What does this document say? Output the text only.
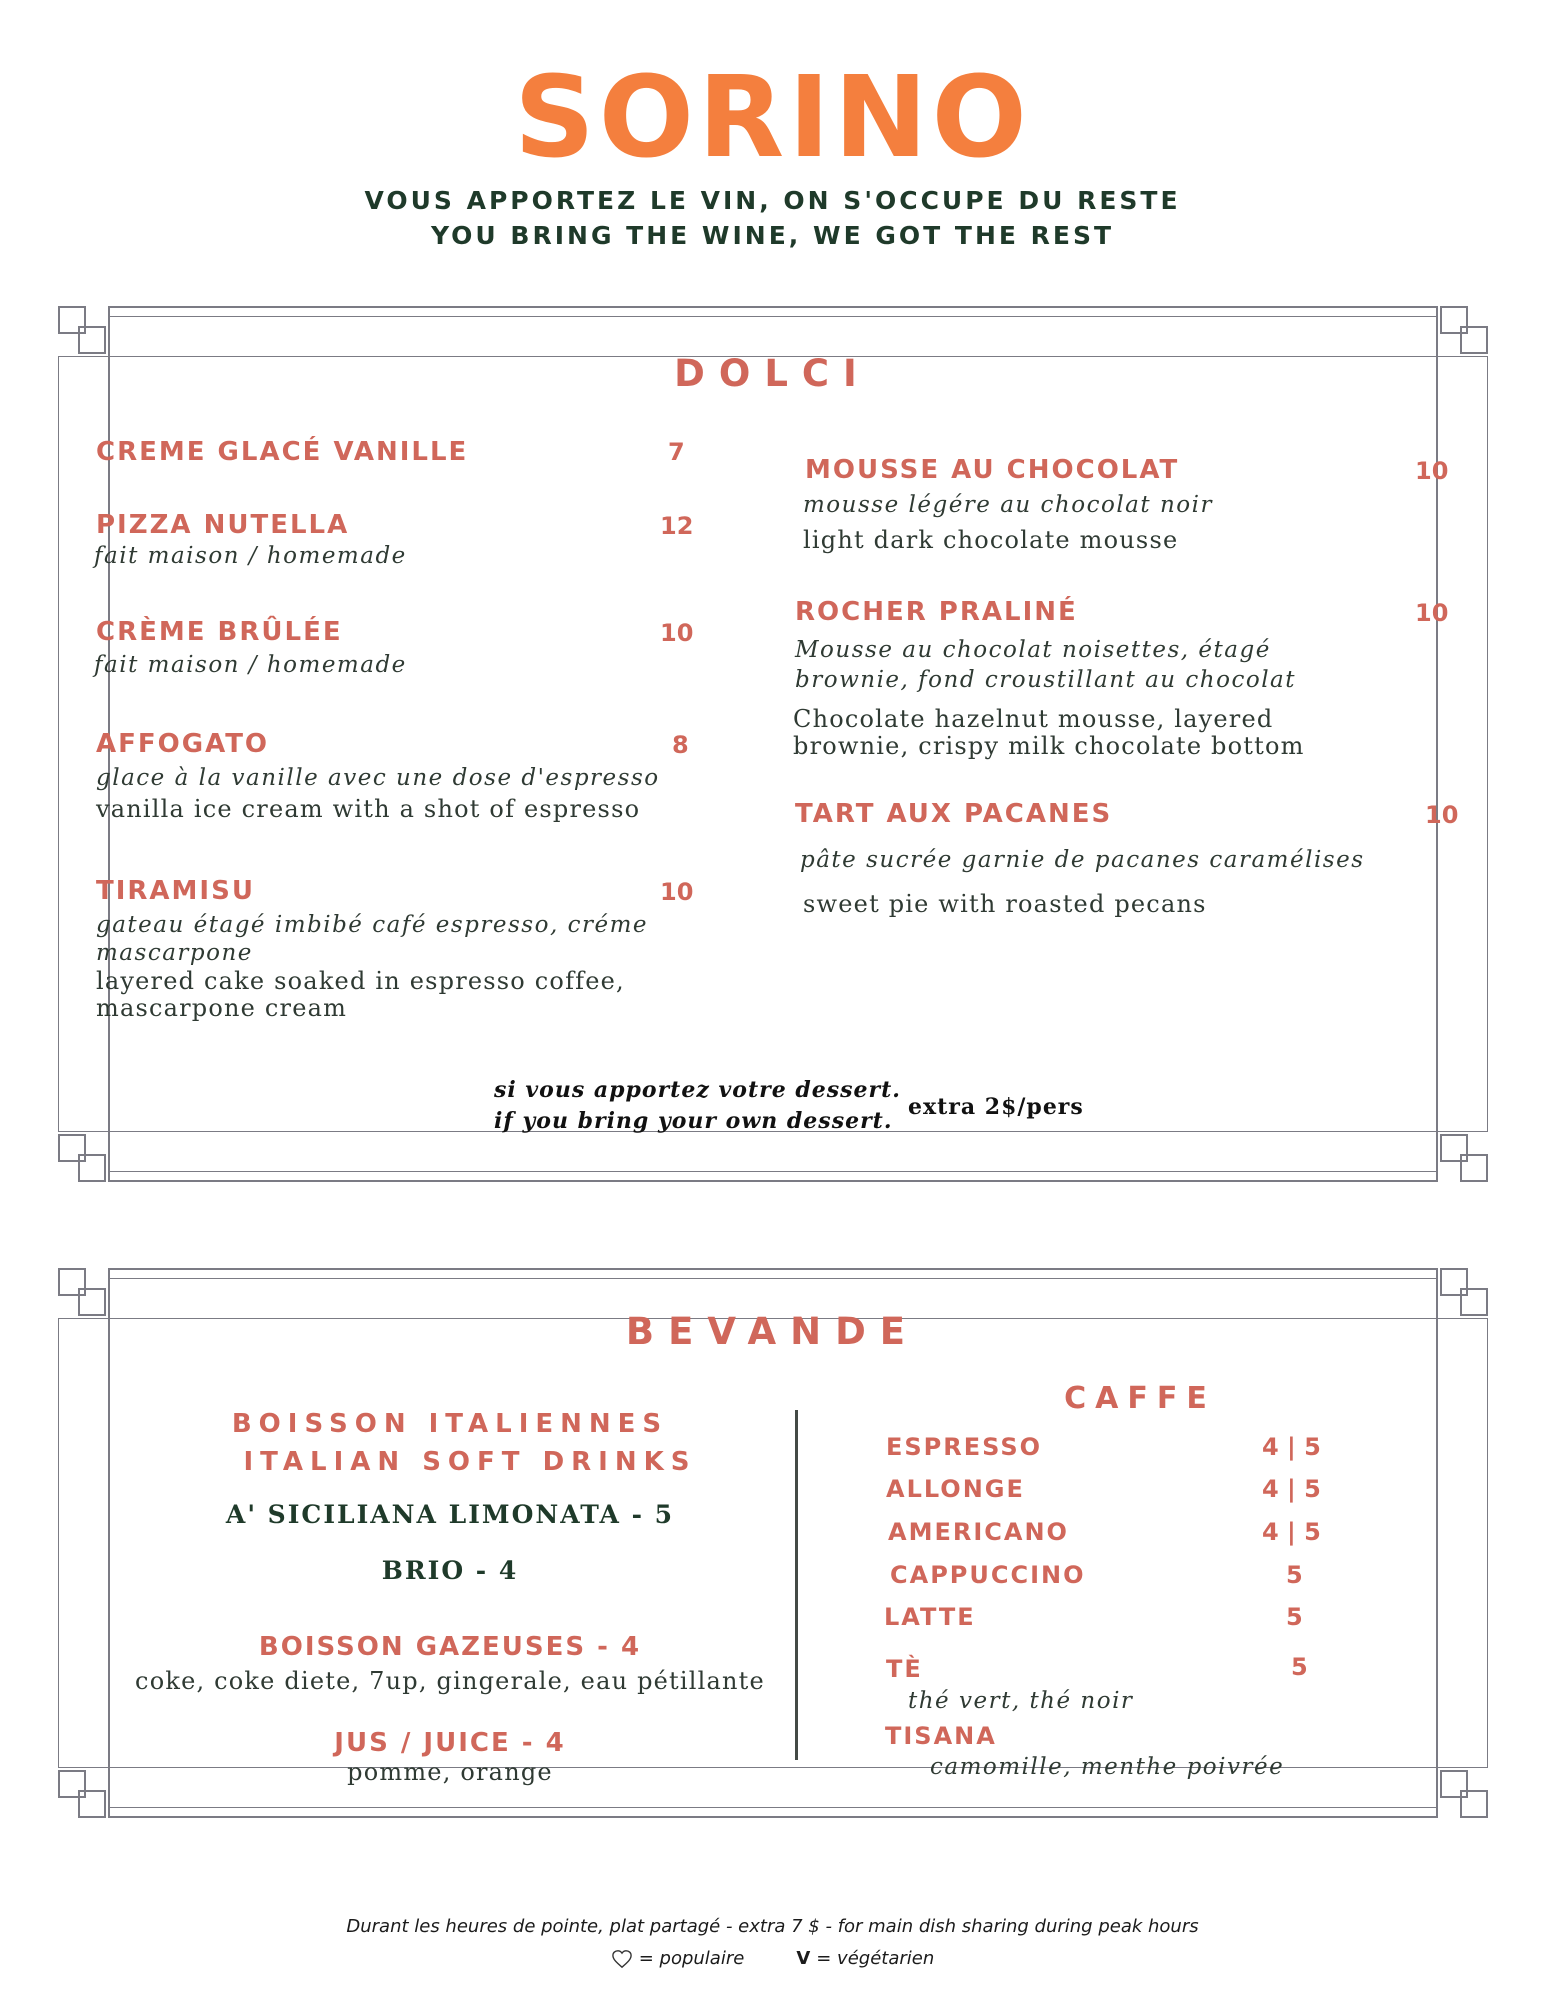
SORINO
VOUS APPORTEZ LE VIN, ON S'OCCUPE DU RESTE
YOU BRING THE WINE, WE GOT THE REST
DOLCI
CREME GLACÉ VANILLE	7
PIZZA NUTELLA	12
fait maison / homemade
CRÈME BRÛLÉE	10
fait maison / homemade
AFFOGATO	8
glace à la vanille avec une dose d'espresso
vanilla ice cream with a shot of espresso
TIRAMISU	10
gateau étagé imbibé café espresso, créme
mascarpone
layered cake soaked in espresso coffee,
mascarpone cream
MOUSSE AU CHOCOLAT	10
mousse légére au chocolat noir
light dark chocolate mousse
ROCHER PRALINÉ	10
Mousse au chocolat noisettes, étagé
brownie, fond croustillant au chocolat
Chocolate hazelnut mousse, layered
brownie, crispy milk chocolate bottom
TART AUX PACANES	10
pâte sucrée garnie de pacanes caramélises
sweet pie with roasted pecans
si vous apportez votre dessert.
if you bring your own dessert.
extra 2$/pers
BEVANDE
BOISSON ITALIENNES
ITALIAN SOFT DRINKS
A' SICILIANA LIMONATA - 5
BRIO - 4
BOISSON GAZEUSES - 4
coke, coke diete, 7up, gingerale, eau pétillante
JUS / JUICE - 4
pomme, orange
CAFFE
ESPRESSO	4 | 5
ALLONGE	4 | 5
AMERICANO	4 | 5
CAPPUCCINO	5
LATTE	5
TÈ	5
thé vert, thé noir
TISANA
camomille, menthe poivrée
Durant les heures de pointe, plat partagé - extra 7 $ - for main dish sharing during peak hours
= populaire	V = végétarien
